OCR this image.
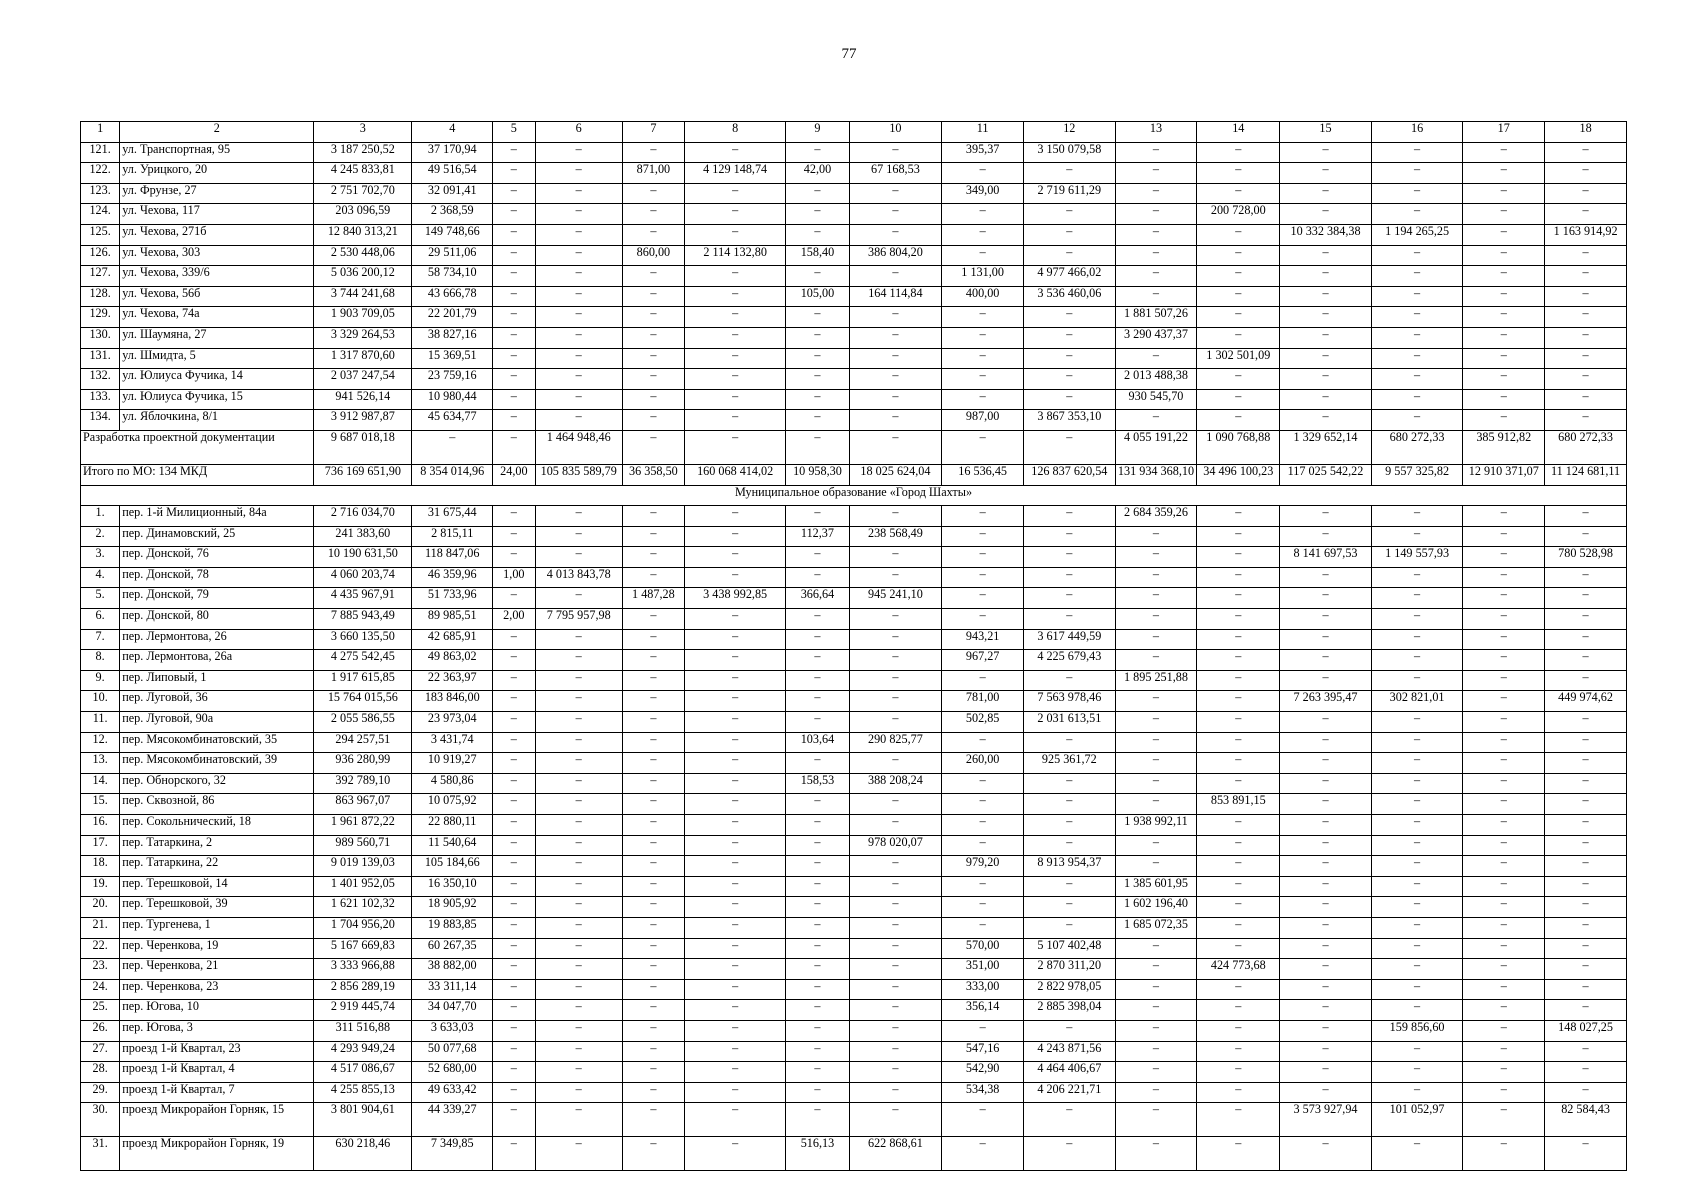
77
1	2	3	4	5	6	7	8	9	10	11	12	13	14	15	16	17	18
121.	ул. Транспортная, 95	3 187 250,52	37 170,94	–	–	–	–	–	–	395,37	3 150 079,58	–	–	–	–	–	–
122.	ул. Урицкого, 20	4 245 833,81	49 516,54	–	–	871,00	4 129 148,74	42,00	67 168,53	–	–	–	–	–	–	–	–
123.	ул. Фрунзе, 27	2 751 702,70	32 091,41	–	–	–	–	–	–	349,00	2 719 611,29	–	–	–	–	–	–
124.	ул. Чехова, 117	203 096,59	2 368,59	–	–	–	–	–	–	–	–	–	200 728,00	–	–	–	–
125.	ул. Чехова, 271б	12 840 313,21	149 748,66	–	–	–	–	–	–	–	–	–	–	10 332 384,38	1 194 265,25	–	1 163 914,92
126.	ул. Чехова, 303	2 530 448,06	29 511,06	–	–	860,00	2 114 132,80	158,40	386 804,20	–	–	–	–	–	–	–	–
127.	ул. Чехова, 339/6	5 036 200,12	58 734,10	–	–	–	–	–	–	1 131,00	4 977 466,02	–	–	–	–	–	–
128.	ул. Чехова, 56б	3 744 241,68	43 666,78	–	–	–	–	105,00	164 114,84	400,00	3 536 460,06	–	–	–	–	–	–
129.	ул. Чехова, 74а	1 903 709,05	22 201,79	–	–	–	–	–	–	–	–	1 881 507,26	–	–	–	–	–
130.	ул. Шаумяна, 27	3 329 264,53	38 827,16	–	–	–	–	–	–	–	–	3 290 437,37	–	–	–	–	–
131.	ул. Шмидта, 5	1 317 870,60	15 369,51	–	–	–	–	–	–	–	–	–	1 302 501,09	–	–	–	–
132.	ул. Юлиуса Фучика, 14	2 037 247,54	23 759,16	–	–	–	–	–	–	–	–	2 013 488,38	–	–	–	–	–
133.	ул. Юлиуса Фучика, 15	941 526,14	10 980,44	–	–	–	–	–	–	–	–	930 545,70	–	–	–	–	–
134.	ул. Яблочкина, 8/1	3 912 987,87	45 634,77	–	–	–	–	–	–	987,00	3 867 353,10	–	–	–	–	–	–
Разработка проектной документации		9 687 018,18	–	–	1 464 948,46	–	–	–	–	–	–	4 055 191,22	1 090 768,88	1 329 652,14	680 272,33	385 912,82	680 272,33
Итого по МО: 134 МКД		736 169 651,90	8 354 014,96	24,00	105 835 589,79	36 358,50	160 068 414,02	10 958,30	18 025 624,04	16 536,45	126 837 620,54	131 934 368,10	34 496 100,23	117 025 542,22	9 557 325,82	12 910 371,07	11 124 681,11
Муниципальное образование «Город Шахты»																	
1.	пер. 1-й Милиционный, 84а	2 716 034,70	31 675,44	–	–	–	–	–	–	–	–	2 684 359,26	–	–	–	–	–
2.	пер. Динамовский, 25	241 383,60	2 815,11	–	–	–	–	112,37	238 568,49	–	–	–	–	–	–	–	–
3.	пер. Донской, 76	10 190 631,50	118 847,06	–	–	–	–	–	–	–	–	–	–	8 141 697,53	1 149 557,93	–	780 528,98
4.	пер. Донской, 78	4 060 203,74	46 359,96	1,00	4 013 843,78	–	–	–	–	–	–	–	–	–	–	–	–
5.	пер. Донской, 79	4 435 967,91	51 733,96	–	–	1 487,28	3 438 992,85	366,64	945 241,10	–	–	–	–	–	–	–	–
6.	пер. Донской, 80	7 885 943,49	89 985,51	2,00	7 795 957,98	–	–	–	–	–	–	–	–	–	–	–	–
7.	пер. Лермонтова, 26	3 660 135,50	42 685,91	–	–	–	–	–	–	943,21	3 617 449,59	–	–	–	–	–	–
8.	пер. Лермонтова, 26а	4 275 542,45	49 863,02	–	–	–	–	–	–	967,27	4 225 679,43	–	–	–	–	–	–
9.	пер. Липовый, 1	1 917 615,85	22 363,97	–	–	–	–	–	–	–	–	1 895 251,88	–	–	–	–	–
10.	пер. Луговой, 36	15 764 015,56	183 846,00	–	–	–	–	–	–	781,00	7 563 978,46	–	–	7 263 395,47	302 821,01	–	449 974,62
11.	пер. Луговой, 90а	2 055 586,55	23 973,04	–	–	–	–	–	–	502,85	2 031 613,51	–	–	–	–	–	–
12.	пер. Мясокомбинатовский, 35	294 257,51	3 431,74	–	–	–	–	103,64	290 825,77	–	–	–	–	–	–	–	–
13.	пер. Мясокомбинатовский, 39	936 280,99	10 919,27	–	–	–	–	–	–	260,00	925 361,72	–	–	–	–	–	–
14.	пер. Обнорского, 32	392 789,10	4 580,86	–	–	–	–	158,53	388 208,24	–	–	–	–	–	–	–	–
15.	пер. Сквозной, 86	863 967,07	10 075,92	–	–	–	–	–	–	–	–	–	853 891,15	–	–	–	–
16.	пер. Сокольнический, 18	1 961 872,22	22 880,11	–	–	–	–	–	–	–	–	1 938 992,11	–	–	–	–	–
17.	пер. Татаркина, 2	989 560,71	11 540,64	–	–	–	–	–	978 020,07	–	–	–	–	–	–	–	–
18.	пер. Татаркина, 22	9 019 139,03	105 184,66	–	–	–	–	–	–	979,20	8 913 954,37	–	–	–	–	–	–
19.	пер. Терешковой, 14	1 401 952,05	16 350,10	–	–	–	–	–	–	–	–	1 385 601,95	–	–	–	–	–
20.	пер. Терешковой, 39	1 621 102,32	18 905,92	–	–	–	–	–	–	–	–	1 602 196,40	–	–	–	–	–
21.	пер. Тургенева, 1	1 704 956,20	19 883,85	–	–	–	–	–	–	–	–	1 685 072,35	–	–	–	–	–
22.	пер. Черенкова, 19	5 167 669,83	60 267,35	–	–	–	–	–	–	570,00	5 107 402,48	–	–	–	–	–	–
23.	пер. Черенкова, 21	3 333 966,88	38 882,00	–	–	–	–	–	–	351,00	2 870 311,20	–	424 773,68	–	–	–	–
24.	пер. Черенкова, 23	2 856 289,19	33 311,14	–	–	–	–	–	–	333,00	2 822 978,05	–	–	–	–	–	–
25.	пер. Югова, 10	2 919 445,74	34 047,70	–	–	–	–	–	–	356,14	2 885 398,04	–	–	–	–	–	–
26.	пер. Югова, 3	311 516,88	3 633,03	–	–	–	–	–	–	–	–	–	–	–	159 856,60	–	148 027,25
27.	проезд 1-й Квартал, 23	4 293 949,24	50 077,68	–	–	–	–	–	–	547,16	4 243 871,56	–	–	–	–	–	–
28.	проезд 1-й Квартал, 4	4 517 086,67	52 680,00	–	–	–	–	–	–	542,90	4 464 406,67	–	–	–	–	–	–
29.	проезд 1-й Квартал, 7	4 255 855,13	49 633,42	–	–	–	–	–	–	534,38	4 206 221,71	–	–	–	–	–	–
30.	проезд Микрорайон Горняк, 15	3 801 904,61	44 339,27	–	–	–	–	–	–	–	–	–	–	3 573 927,94	101 052,97	–	82 584,43
31.	проезд Микрорайон Горняк, 19	630 218,46	7 349,85	–	–	–	–	516,13	622 868,61	–	–	–	–	–	–	–	–
